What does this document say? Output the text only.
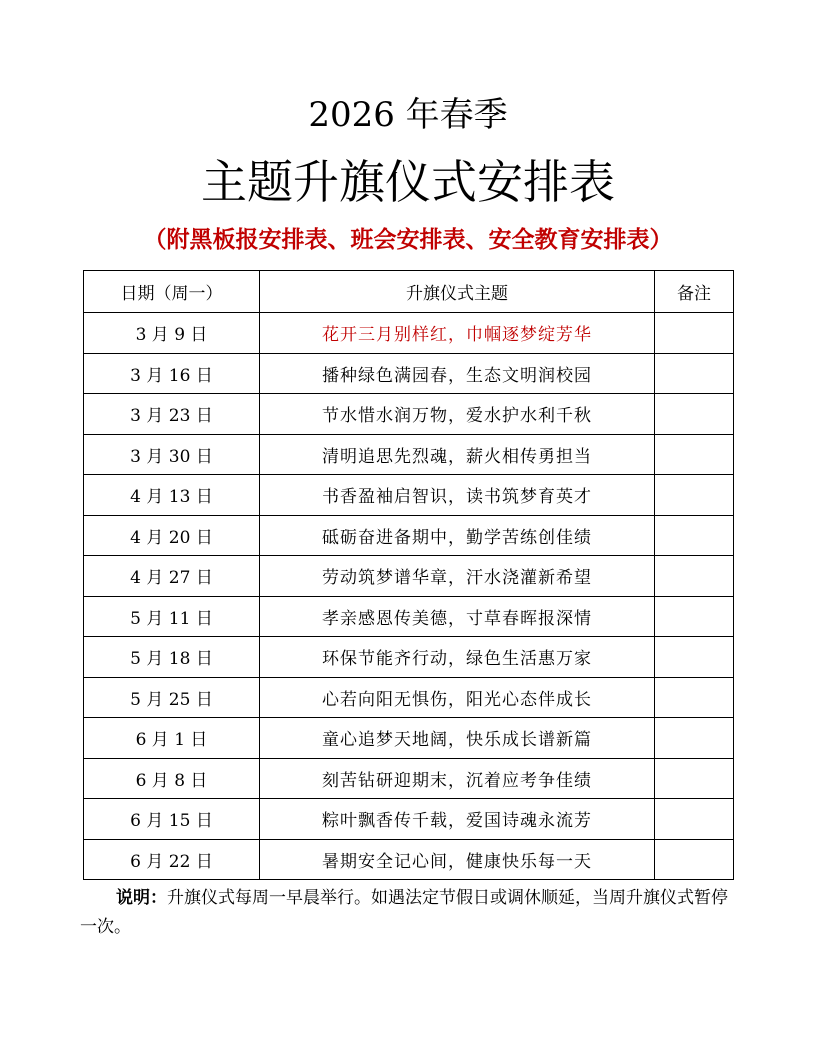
2026 年春季
主题升旗仪式安排表
（附黑板报安排表、班会安排表、安全教育安排表）
日期（周一）	升旗仪式主题	备注
3 月 9 日	花开三月别样红，巾帼逐梦绽芳华	
3 月 16 日	播种绿色满园春，生态文明润校园	
3 月 23 日	节水惜水润万物，爱水护水利千秋	
3 月 30 日	清明追思先烈魂，薪火相传勇担当	
4 月 13 日	书香盈袖启智识，读书筑梦育英才	
4 月 20 日	砥砺奋进备期中，勤学苦练创佳绩	
4 月 27 日	劳动筑梦谱华章，汗水浇灌新希望	
5 月 11 日	孝亲感恩传美德，寸草春晖报深情	
5 月 18 日	环保节能齐行动，绿色生活惠万家	
5 月 25 日	心若向阳无惧伤，阳光心态伴成长	
6 月 1 日	童心追梦天地阔，快乐成长谱新篇	
6 月 8 日	刻苦钻研迎期末，沉着应考争佳绩	
6 月 15 日	粽叶飘香传千载，爱国诗魂永流芳	
6 月 22 日	暑期安全记心间，健康快乐每一天	
说明：升旗仪式每周一早晨举行。如遇法定节假日或调休顺延，当周升旗仪式暂停一次。
